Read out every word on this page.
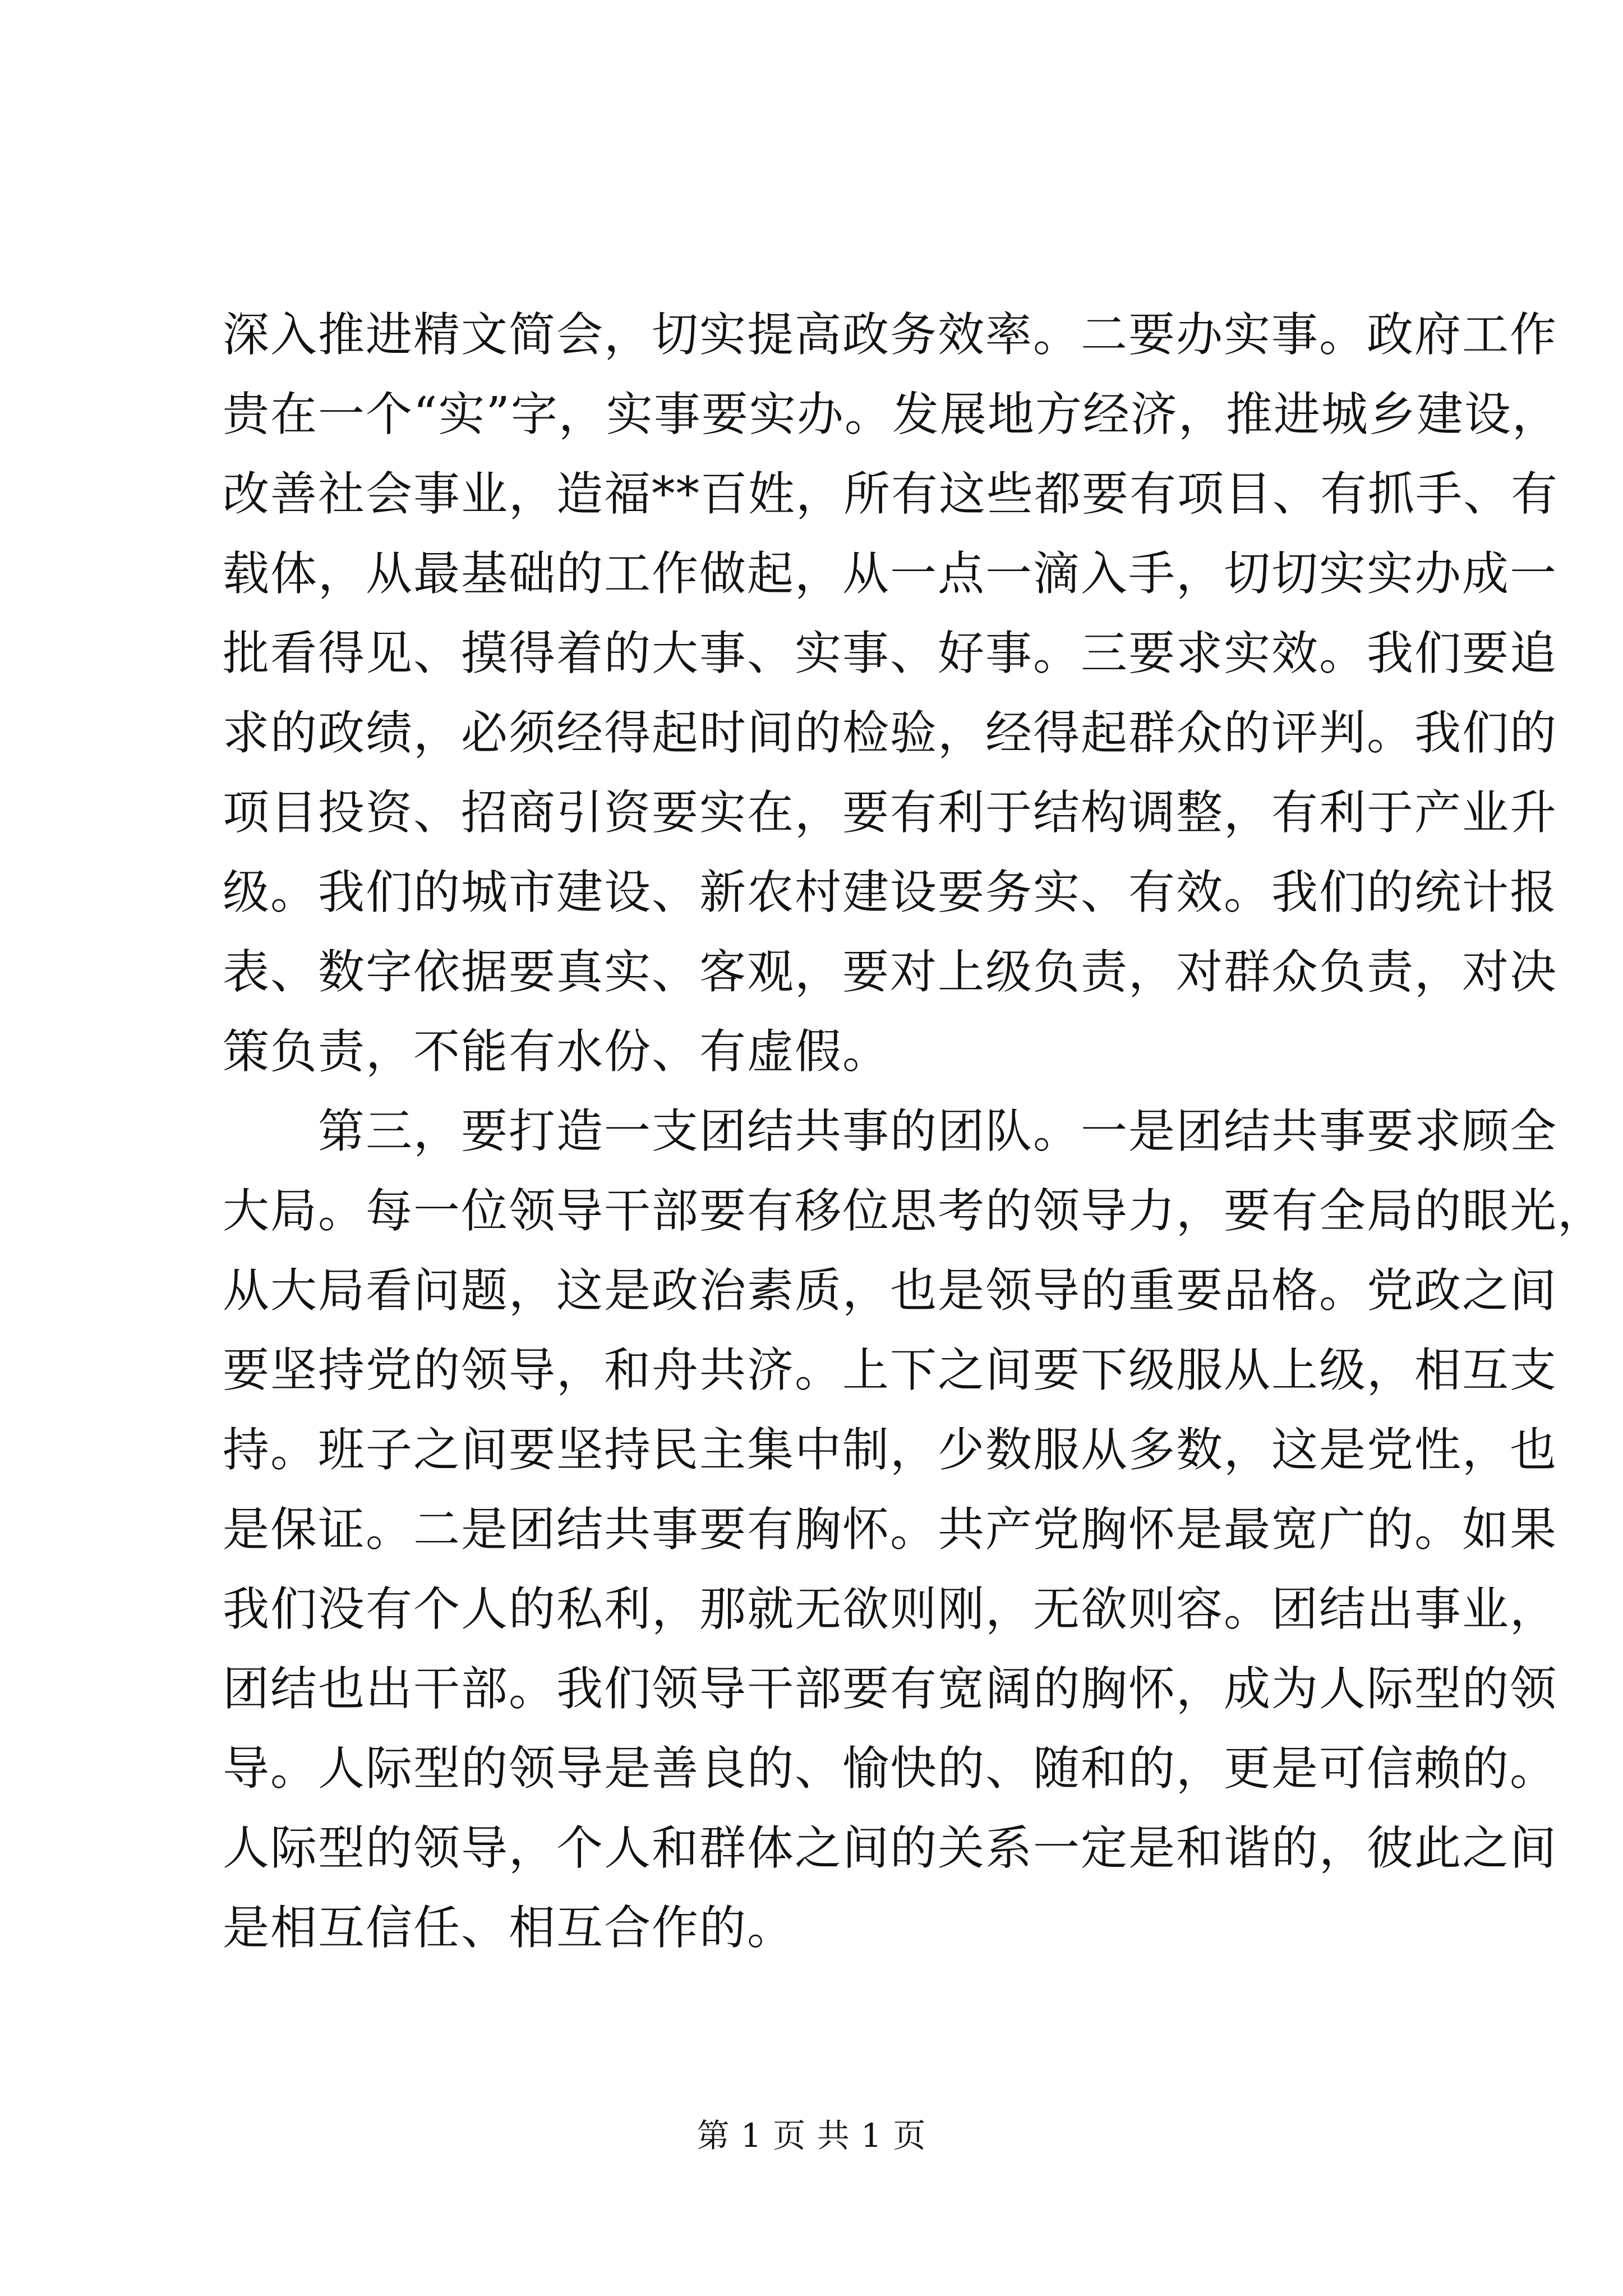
深入推进精文简会，切实提高政务效率。二要办实事。政府工作
贵在一个“实”字，实事要实办。发展地方经济，推进城乡建设，
改善社会事业，造福**百姓，所有这些都要有项目、有抓手、有
载体，从最基础的工作做起，从一点一滴入手，切切实实办成一
批看得见、摸得着的大事、实事、好事。三要求实效。我们要追
求的政绩，必须经得起时间的检验，经得起群众的评判。我们的
项目投资、招商引资要实在，要有利于结构调整，有利于产业升
级。我们的城市建设、新农村建设要务实、有效。我们的统计报
表、数字依据要真实、客观，要对上级负责，对群众负责，对决
策负责，不能有水份、有虚假。
第三，要打造一支团结共事的团队。一是团结共事要求顾全
大局。每一位领导干部要有移位思考的领导力，要有全局的眼光，
从大局看问题，这是政治素质，也是领导的重要品格。党政之间
要坚持党的领导，和舟共济。上下之间要下级服从上级，相互支
持。班子之间要坚持民主集中制，少数服从多数，这是党性，也
是保证。二是团结共事要有胸怀。共产党胸怀是最宽广的。如果
我们没有个人的私利，那就无欲则刚，无欲则容。团结出事业，
团结也出干部。我们领导干部要有宽阔的胸怀，成为人际型的领
导。人际型的领导是善良的、愉快的、随和的，更是可信赖的。
人际型的领导，个人和群体之间的关系一定是和谐的，彼此之间
是相互信任、相互合作的。
第 1 页 共 1 页
